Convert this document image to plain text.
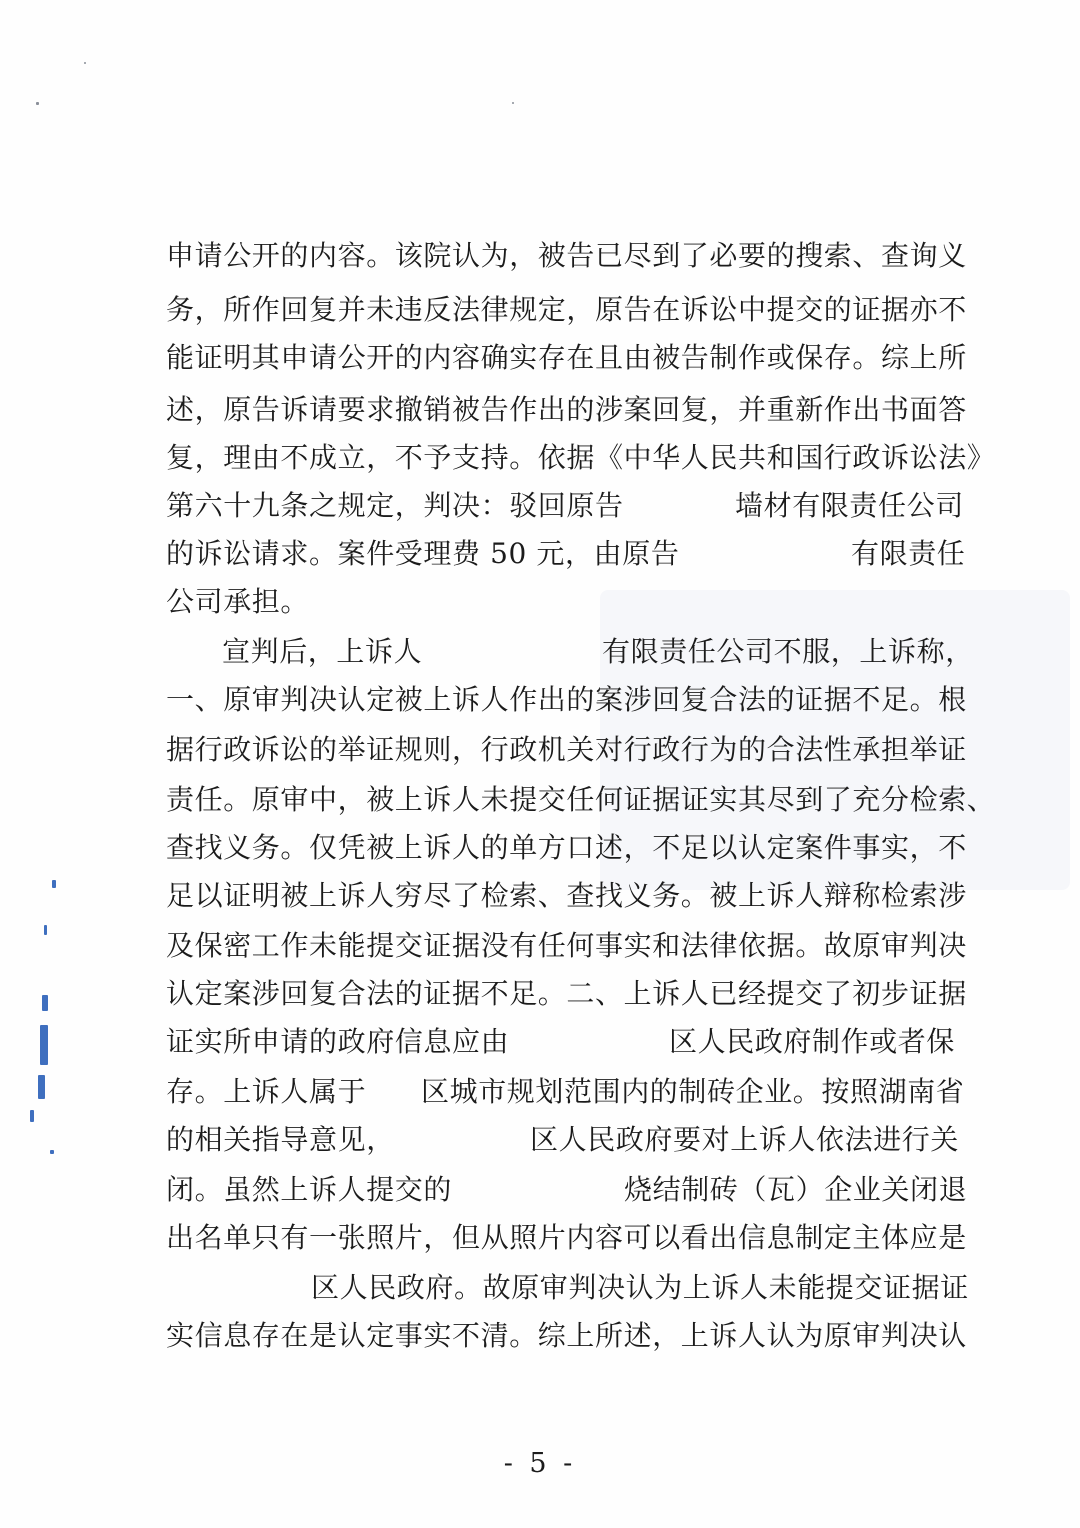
申请公开的内容。该院认为，被告已尽到了必要的搜索、查询义
务，所作回复并未违反法律规定，原告在诉讼中提交的证据亦不
能证明其申请公开的内容确实存在且由被告制作或保存。综上所
述，原告诉请要求撤销被告作出的涉案回复，并重新作出书面答
复，理由不成立，不予支持。依据《中华人民共和国行政诉讼法》
第六十九条之规定，判决：驳回原告	墙材有限责任公司
的诉讼请求。案件受理费 50 元，由原告	有限责任
公司承担。
宣判后，上诉人	有限责任公司不服，上诉称，
一、原审判决认定被上诉人作出的案涉回复合法的证据不足。根
据行政诉讼的举证规则，行政机关对行政行为的合法性承担举证
责任。原审中，被上诉人未提交任何证据证实其尽到了充分检索、
查找义务。仅凭被上诉人的单方口述，不足以认定案件事实，不
足以证明被上诉人穷尽了检索、查找义务。被上诉人辩称检索涉
及保密工作未能提交证据没有任何事实和法律依据。故原审判决
认定案涉回复合法的证据不足。二、上诉人已经提交了初步证据
证实所申请的政府信息应由	区人民政府制作或者保
存。上诉人属于 区城市规划范围内的制砖企业。按照湖南省
的相关指导意见，	区人民政府要对上诉人依法进行关
闭。虽然上诉人提交的	烧结制砖（瓦）企业关闭退
出名单只有一张照片，但从照片内容可以看出信息制定主体应是
区人民政府。故原审判决认为上诉人未能提交证据证
实信息存在是认定事实不清。综上所述，上诉人认为原审判决认
- 5 -
